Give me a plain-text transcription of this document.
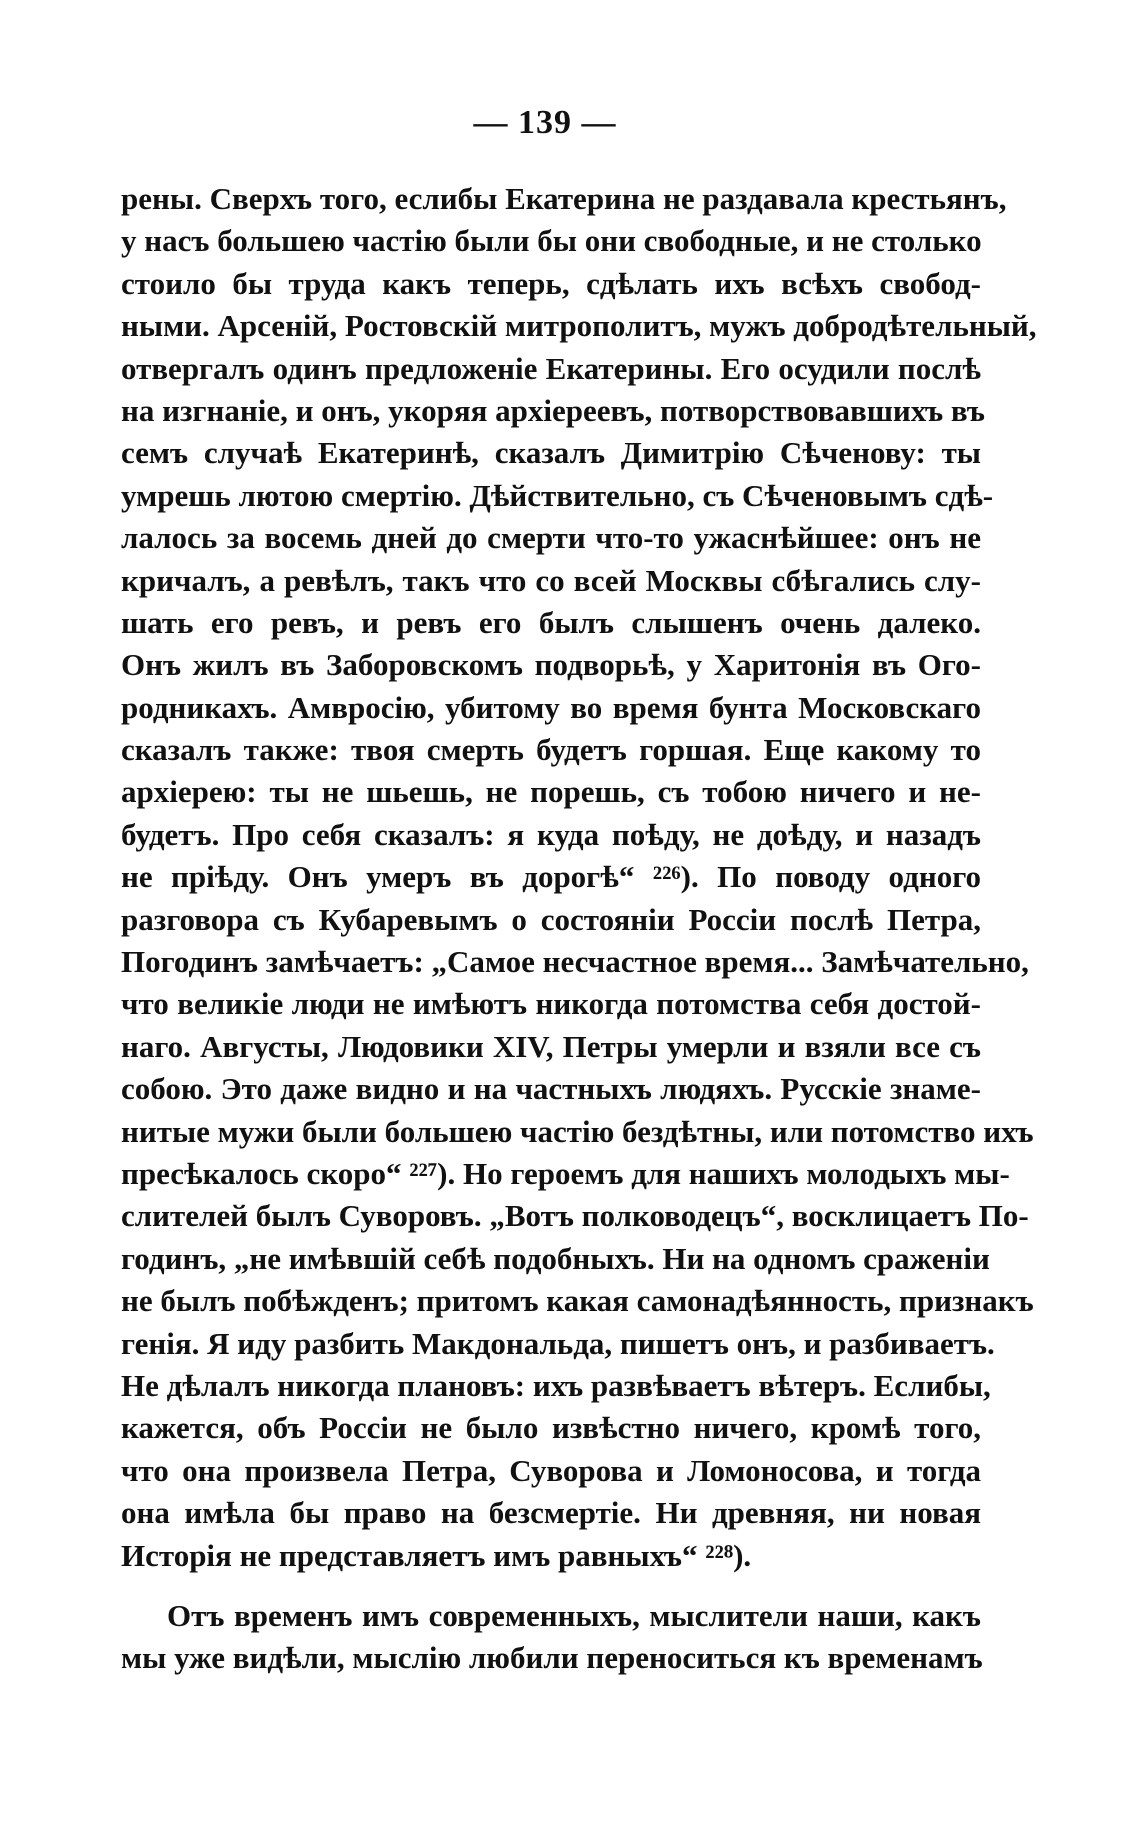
— 139 —
рены. Сверхъ того, еслибы Екатерина не раздавала крестьянъ,
у насъ большею частію были бы они свободные, и не столько
стоило бы труда какъ теперь, сдѣлать ихъ всѣхъ свобод-
ными. Арсеній, Ростовскій митрополитъ, мужъ добродѣтельный,
отвергалъ одинъ предложеніе Екатерины. Его осудили послѣ
на изгнаніе, и онъ, укоряя архіереевъ, потворствовавшихъ въ
семъ случаѣ Екатеринѣ, сказалъ Димитрію Сѣченову: ты
умрешь лютою смертію. Дѣйствительно, съ Сѣченовымъ сдѣ-
лалось за восемь дней до смерти что-то ужаснѣйшее: онъ не
кричалъ, а ревѣлъ, такъ что со всей Москвы сбѣгались слу-
шать его ревъ, и ревъ его былъ слышенъ очень далеко.
Онъ жилъ въ Заборовскомъ подворьѣ, у Харитонія въ Ого-
родникахъ. Амвросію, убитому во время бунта Московскаго
сказалъ также: твоя смерть будетъ горшая. Еще какому то
архіерею: ты не шьешь, не порешь, съ тобою ничего и не-
будетъ. Про себя сказалъ: я куда поѣду, не доѣду, и назадъ
не пріѣду. Онъ умеръ въ дорогѣ“ ²²⁶). По поводу одного
разговора съ Кубаревымъ о состояніи Россіи послѣ Петра,
Погодинъ замѣчаетъ: „Самое несчастное время... Замѣчательно,
что великіе люди не имѣютъ никогда потомства себя достой-
наго. Августы, Людовики XIV, Петры умерли и взяли все съ
собою. Это даже видно и на частныхъ людяхъ. Русскіе знаме-
нитые мужи были большею частію бездѣтны, или потомство ихъ
пресѣкалось скоро“ ²²⁷). Но героемъ для нашихъ молодыхъ мы-
слителей былъ Суворовъ. „Вотъ полководецъ“, восклицаетъ По-
годинъ, „не имѣвшій себѣ подобныхъ. Ни на одномъ сраженіи
не былъ побѣжденъ; притомъ какая самонадѣянность, признакъ
генія. Я иду разбить Макдональда, пишетъ онъ, и разбиваетъ.
Не дѣлалъ никогда плановъ: ихъ развѣваетъ вѣтеръ. Еслибы,
кажется, объ Россіи не было извѣстно ничего, кромѣ того,
что она произвела Петра, Суворова и Ломоносова, и тогда
она имѣла бы право на безсмертіе. Ни древняя, ни новая
Исторія не представляетъ имъ равныхъ“ ²²⁸).
Отъ временъ имъ современныхъ, мыслители наши, какъ
мы уже видѣли, мыслію любили переноситься къ временамъ
